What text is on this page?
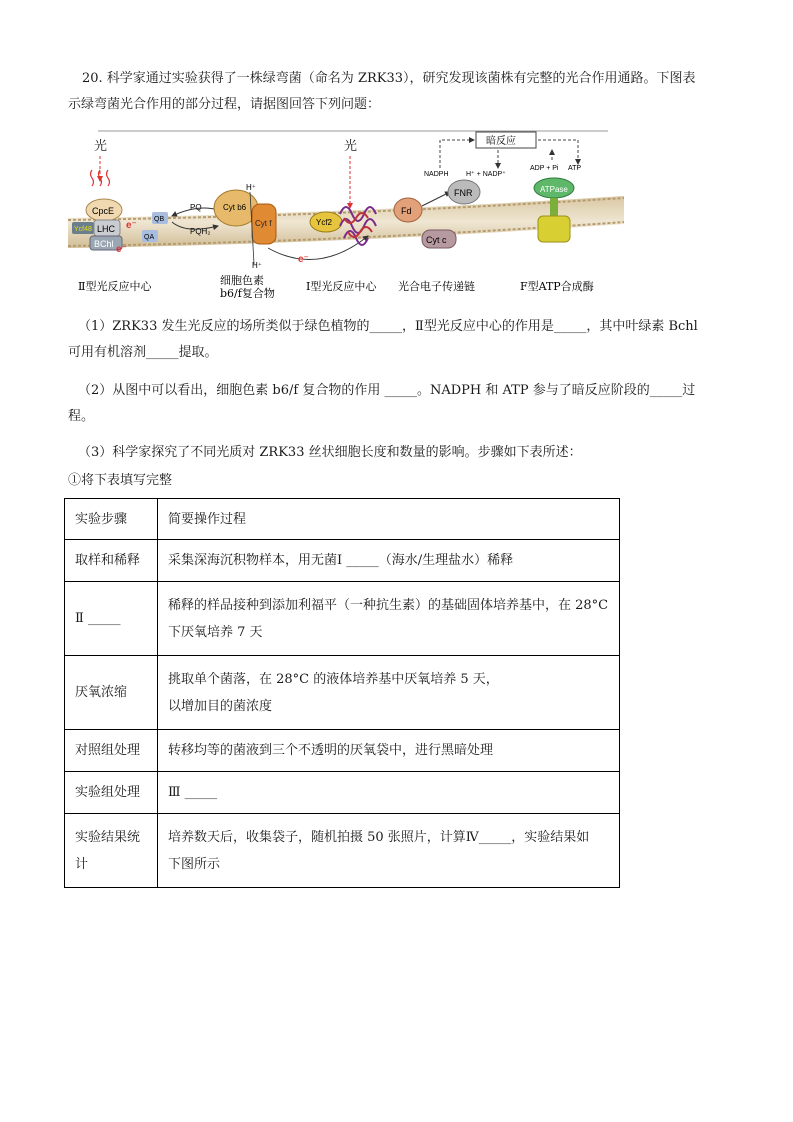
20. 科学家通过实验获得了一株绿弯菌（命名为 ZRK33），研究发现该菌株有完整的光合作用通路。下图表
示绿弯菌光合作用的部分过程，请据图回答下列问题：
光
CpcE
Ycf48 LHC
BChl
e⁻
e⁻
QB
QA
PQ
PQH₂
Cyt b6
Cyt f
H⁺
H⁺
e⁻
光
Ycf2
Fd
Cyt c
FNR
NADPH H⁺ + NADP⁺
暗反应
ADP + Pi ATP
ATPase
Ⅱ型光反应中心	细胞色素
b6/f复合物
Ⅰ型光反应中心 光合电子传递链	F型ATP合成酶
（1）ZRK33 发生光反应的场所类似于绿色植物的_____，Ⅱ型光反应中心的作用是_____，其中叶绿素 Bchl
可用有机溶剂_____提取。
（2）从图中可以看出，细胞色素 b6/f 复合物的作用 _____。NADPH 和 ATP 参与了暗反应阶段的_____过
程。
（3）科学家探究了不同光质对 ZRK33 丝状细胞长度和数量的影响。步骤如下表所述：
①将下表填写完整
实验步骤	简要操作过程
取样和稀释	采集深海沉积物样本，用无菌Ⅰ _____（海水/生理盐水）稀释
Ⅱ _____	稀释的样品接种到添加利福平（一种抗生素）的基础固体培养基中，在 28°C
下厌氧培养 7 天
厌氧浓缩	挑取单个菌落，在 28°C 的液体培养基中厌氧培养 5 天，
以增加目的菌浓度
对照组处理	转移均等的菌液到三个不透明的厌氧袋中，进行黑暗处理
实验组处理	Ⅲ _____
实验结果统
计	培养数天后，收集袋子，随机拍摄 50 张照片，计算Ⅳ_____，实验结果如
下图所示
